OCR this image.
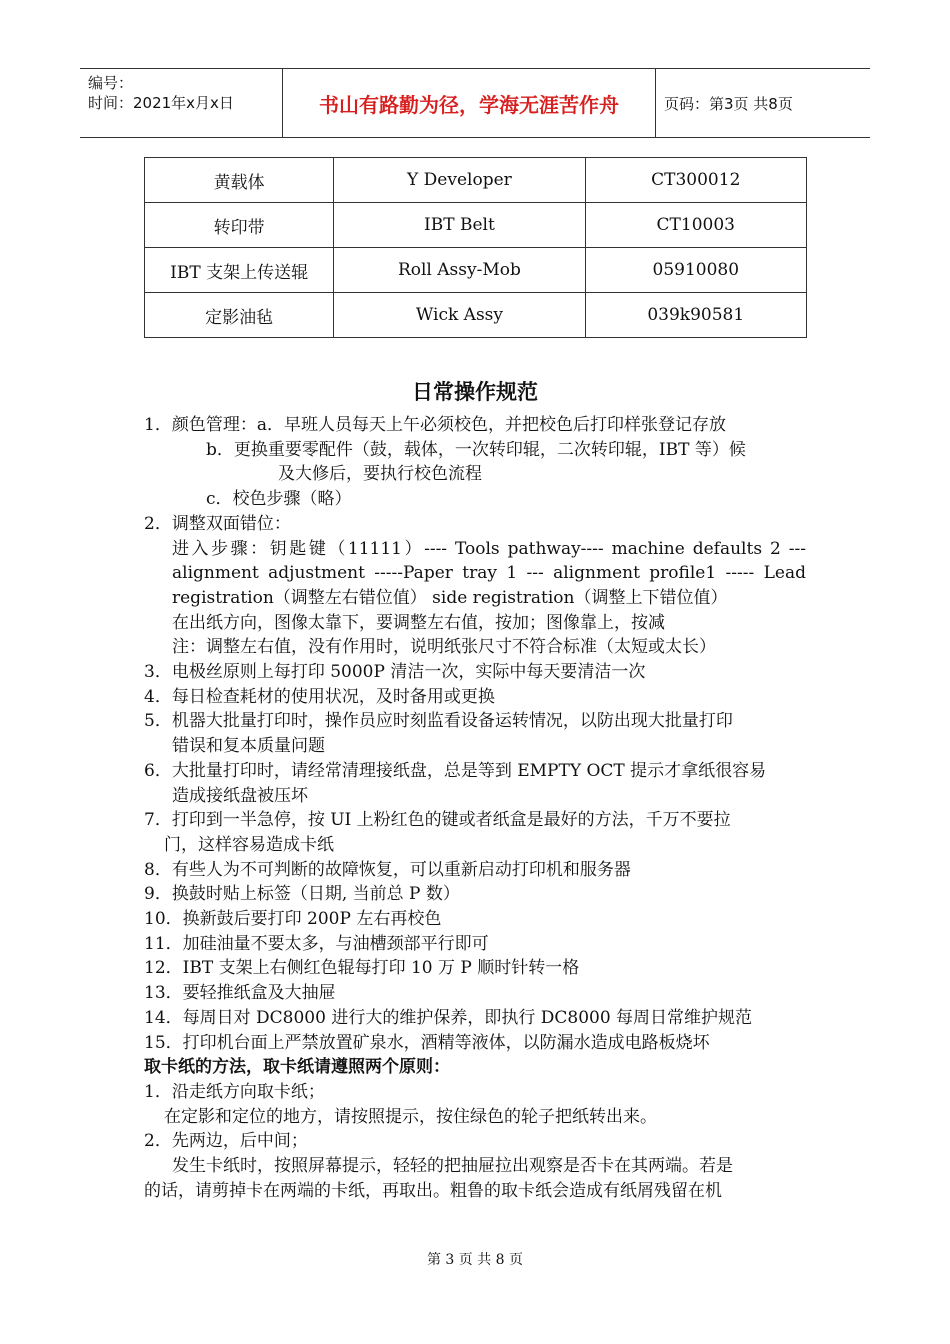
编号：
时间：2021年x月x日	书山有路勤为径，学海无涯苦作舟	页码：第3页 共8页
黄载体	Y Developer	CT300012
转印带	IBT Belt	CT10003
IBT 支架上传送辊	Roll Assy-Mob	05910080
定影油毡	Wick Assy	039k90581
日常操作规范

1．颜色管理：a．早班人员每天上午必须校色，并把校色后打印样张登记存放

b．更换重要零配件（鼓，载体，一次转印辊，二次转印辊，IBT 等）候

及大修后，要执行校色流程

c．校色步骤（略）

2．调整双面错位：

进入步骤：钥匙键（11111）---- Tools pathway---- machine defaults 2 ---

alignment adjustment -----Paper tray 1 --- alignment profile1 ----- Lead

registration（调整左右错位值） side registration（调整上下错位值）

在出纸方向，图像太靠下，要调整左右值，按加；图像靠上，按减

注：调整左右值，没有作用时，说明纸张尺寸不符合标准（太短或太长）

3．电极丝原则上每打印 5000P 清洁一次，实际中每天要清洁一次

4．每日检查耗材的使用状况，及时备用或更换

5．机器大批量打印时，操作员应时刻监看设备运转情况，以防出现大批量打印

错误和复本质量问题

6．大批量打印时，请经常清理接纸盘，总是等到 EMPTY OCT 提示才拿纸很容易

造成接纸盘被压坏

7．打印到一半急停，按 UI 上粉红色的键或者纸盒是最好的方法，千万不要拉

门，这样容易造成卡纸

8．有些人为不可判断的故障恢复，可以重新启动打印机和服务器

9．换鼓时贴上标签（日期, 当前总 P 数）

10．换新鼓后要打印 200P 左右再校色

11．加硅油量不要太多，与油槽颈部平行即可

12．IBT 支架上右侧红色辊每打印 10 万 P 顺时针转一格

13．要轻推纸盒及大抽屉

14．每周日对 DC8000 进行大的维护保养，即执行 DC8000 每周日常维护规范

15．打印机台面上严禁放置矿泉水，酒精等液体，以防漏水造成电路板烧坏

取卡纸的方法，取卡纸请遵照两个原则：

1．沿走纸方向取卡纸；

在定影和定位的地方，请按照提示，按住绿色的轮子把纸转出来。

2．先两边，后中间；

发生卡纸时，按照屏幕提示，轻轻的把抽屉拉出观察是否卡在其两端。若是

的话，请剪掉卡在两端的卡纸，再取出。粗鲁的取卡纸会造成有纸屑残留在机

第 3 页 共 8 页
